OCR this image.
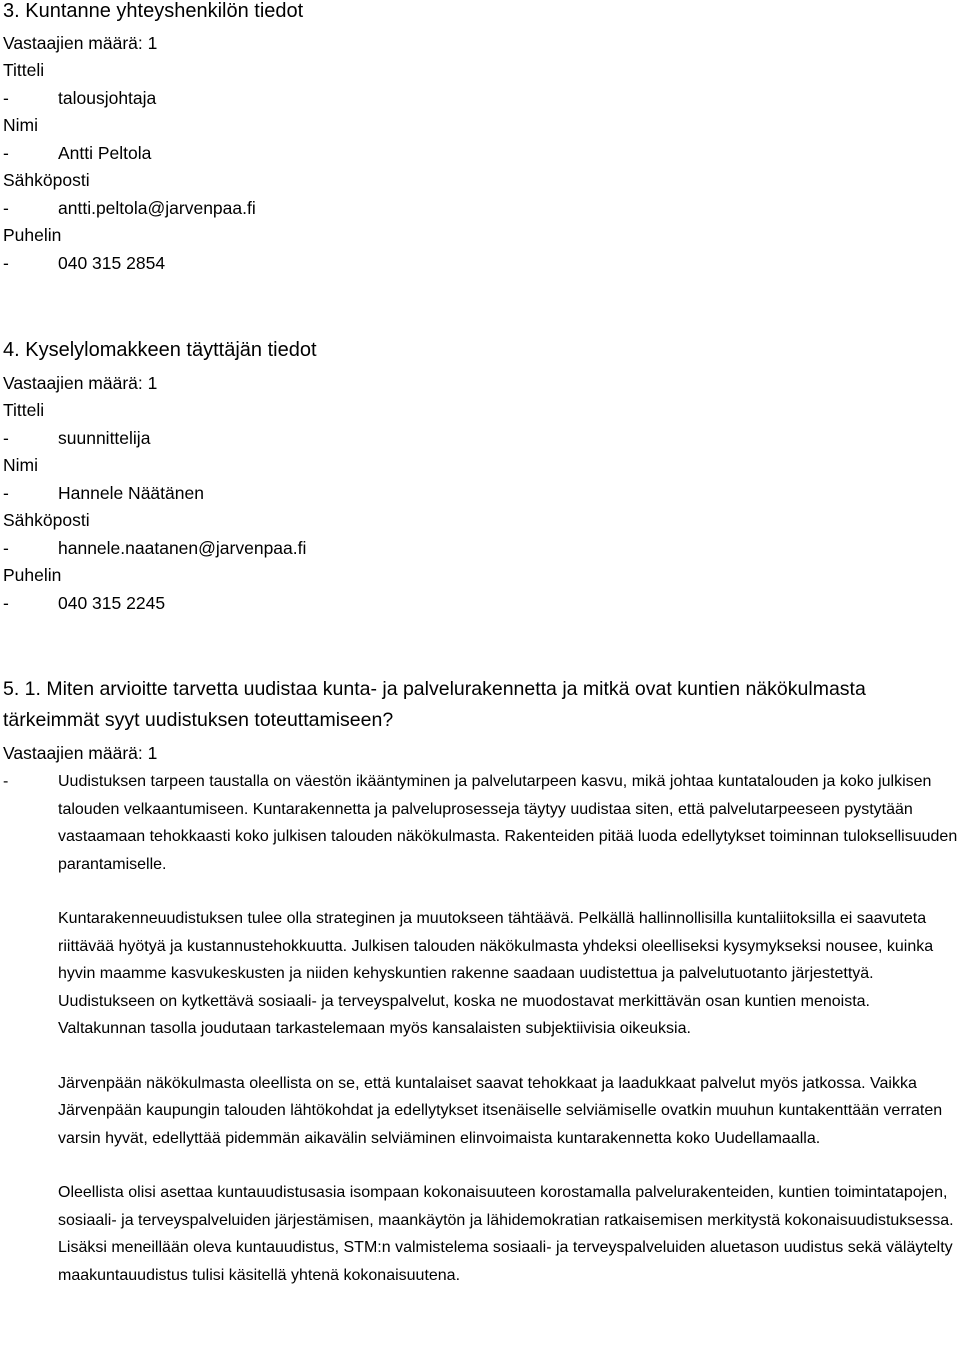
3. Kuntanne yhteyshenkilön tiedot
Vastaajien määrä: 1
Titteli
-	talousjohtaja
Nimi
-	Antti Peltola
Sähköposti
-	antti.peltola@jarvenpaa.fi
Puhelin
-	040 315 2854
4. Kyselylomakkeen täyttäjän tiedot
Vastaajien määrä: 1
Titteli
-	suunnittelija
Nimi
-	Hannele Näätänen
Sähköposti
-	hannele.naatanen@jarvenpaa.fi
Puhelin
-	040 315 2245
5. 1. Miten arvioitte tarvetta uudistaa kunta- ja palvelurakennetta ja mitkä ovat kuntien näkökulmasta tärkeimmät syyt uudistuksen toteuttamiseen?
Vastaajien määrä: 1
-	Uudistuksen tarpeen taustalla on väestön ikääntyminen ja palvelutarpeen kasvu, mikä johtaa kuntatalouden ja koko julkisen talouden velkaantumiseen. Kuntarakennetta ja palveluprosesseja täytyy uudistaa siten, että palvelutarpeeseen pystytään vastaamaan tehokkaasti koko julkisen talouden näkökulmasta. Rakenteiden pitää luoda edellytykset toiminnan tuloksellisuuden parantamiselle.

Kuntarakenneuudistuksen tulee olla strateginen ja muutokseen tähtäävä. Pelkällä hallinnollisilla kuntaliitoksilla ei saavuteta riittävää hyötyä ja kustannustehokkuutta. Julkisen talouden näkökulmasta yhdeksi oleelliseksi kysymykseksi nousee, kuinka hyvin maamme kasvukeskusten ja niiden kehyskuntien rakenne saadaan uudistettua ja palvelutuotanto järjestettyä. Uudistukseen on kytkettävä sosiaali- ja terveyspalvelut, koska ne muodostavat merkittävän osan kuntien menoista. Valtakunnan tasolla joudutaan tarkastelemaan myös kansalaisten subjektiivisia oikeuksia.

Järvenpään näkökulmasta oleellista on se, että kuntalaiset saavat tehokkaat ja laadukkaat palvelut myös jatkossa. Vaikka Järvenpään kaupungin talouden lähtökohdat ja edellytykset itsenäiselle selviämiselle ovatkin muuhun kuntakenttään verraten varsin hyvät, edellyttää pidemmän aikavälin selviäminen elinvoimaista kuntarakennetta koko Uudellamaalla.

Oleellista olisi asettaa kuntauudistusasia isompaan kokonaisuuteen korostamalla palvelurakenteiden, kuntien toimintatapojen, sosiaali- ja terveyspalveluiden järjestämisen, maankäytön ja lähidemokratian ratkaisemisen merkitystä kokonaisuudistuksessa. Lisäksi meneillään oleva kuntauudistus, STM:n valmistelema sosiaali- ja terveyspalveluiden aluetason uudistus sekä väläytelty maakuntauudistus tulisi käsitellä yhtenä kokonaisuutena.
